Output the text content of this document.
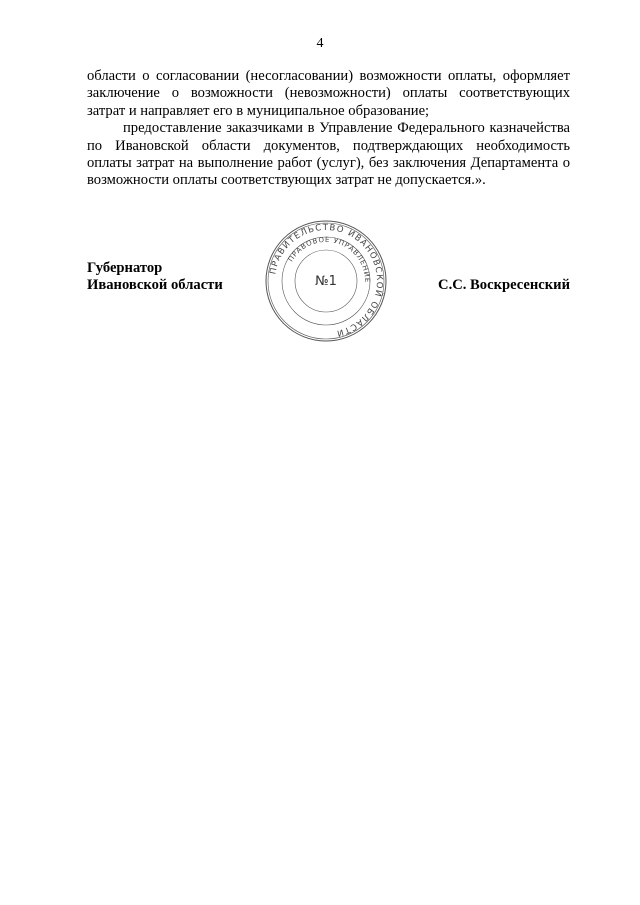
4

области о согласовании (несогласовании) возможности оплаты, оформляет заключение о возможности (невозможности) оплаты соответствующих затрат и направляет его в муниципальное образование;

предоставление заказчиками в Управление Федерального казначейства по Ивановской области документов, подтверждающих необходимость оплаты затрат на выполнение работ (услуг), без заключения Департамента о возможности оплаты соответствующих затрат не допускается.».

Губернатор
Ивановской области	С.С. Воскресенский
ПРАВИТЕЛЬСТВО ИВАНОВСКОЙ ОБЛАСТИ
ПРАВОВОЕ УПРАВЛЕНИЕ
№1
